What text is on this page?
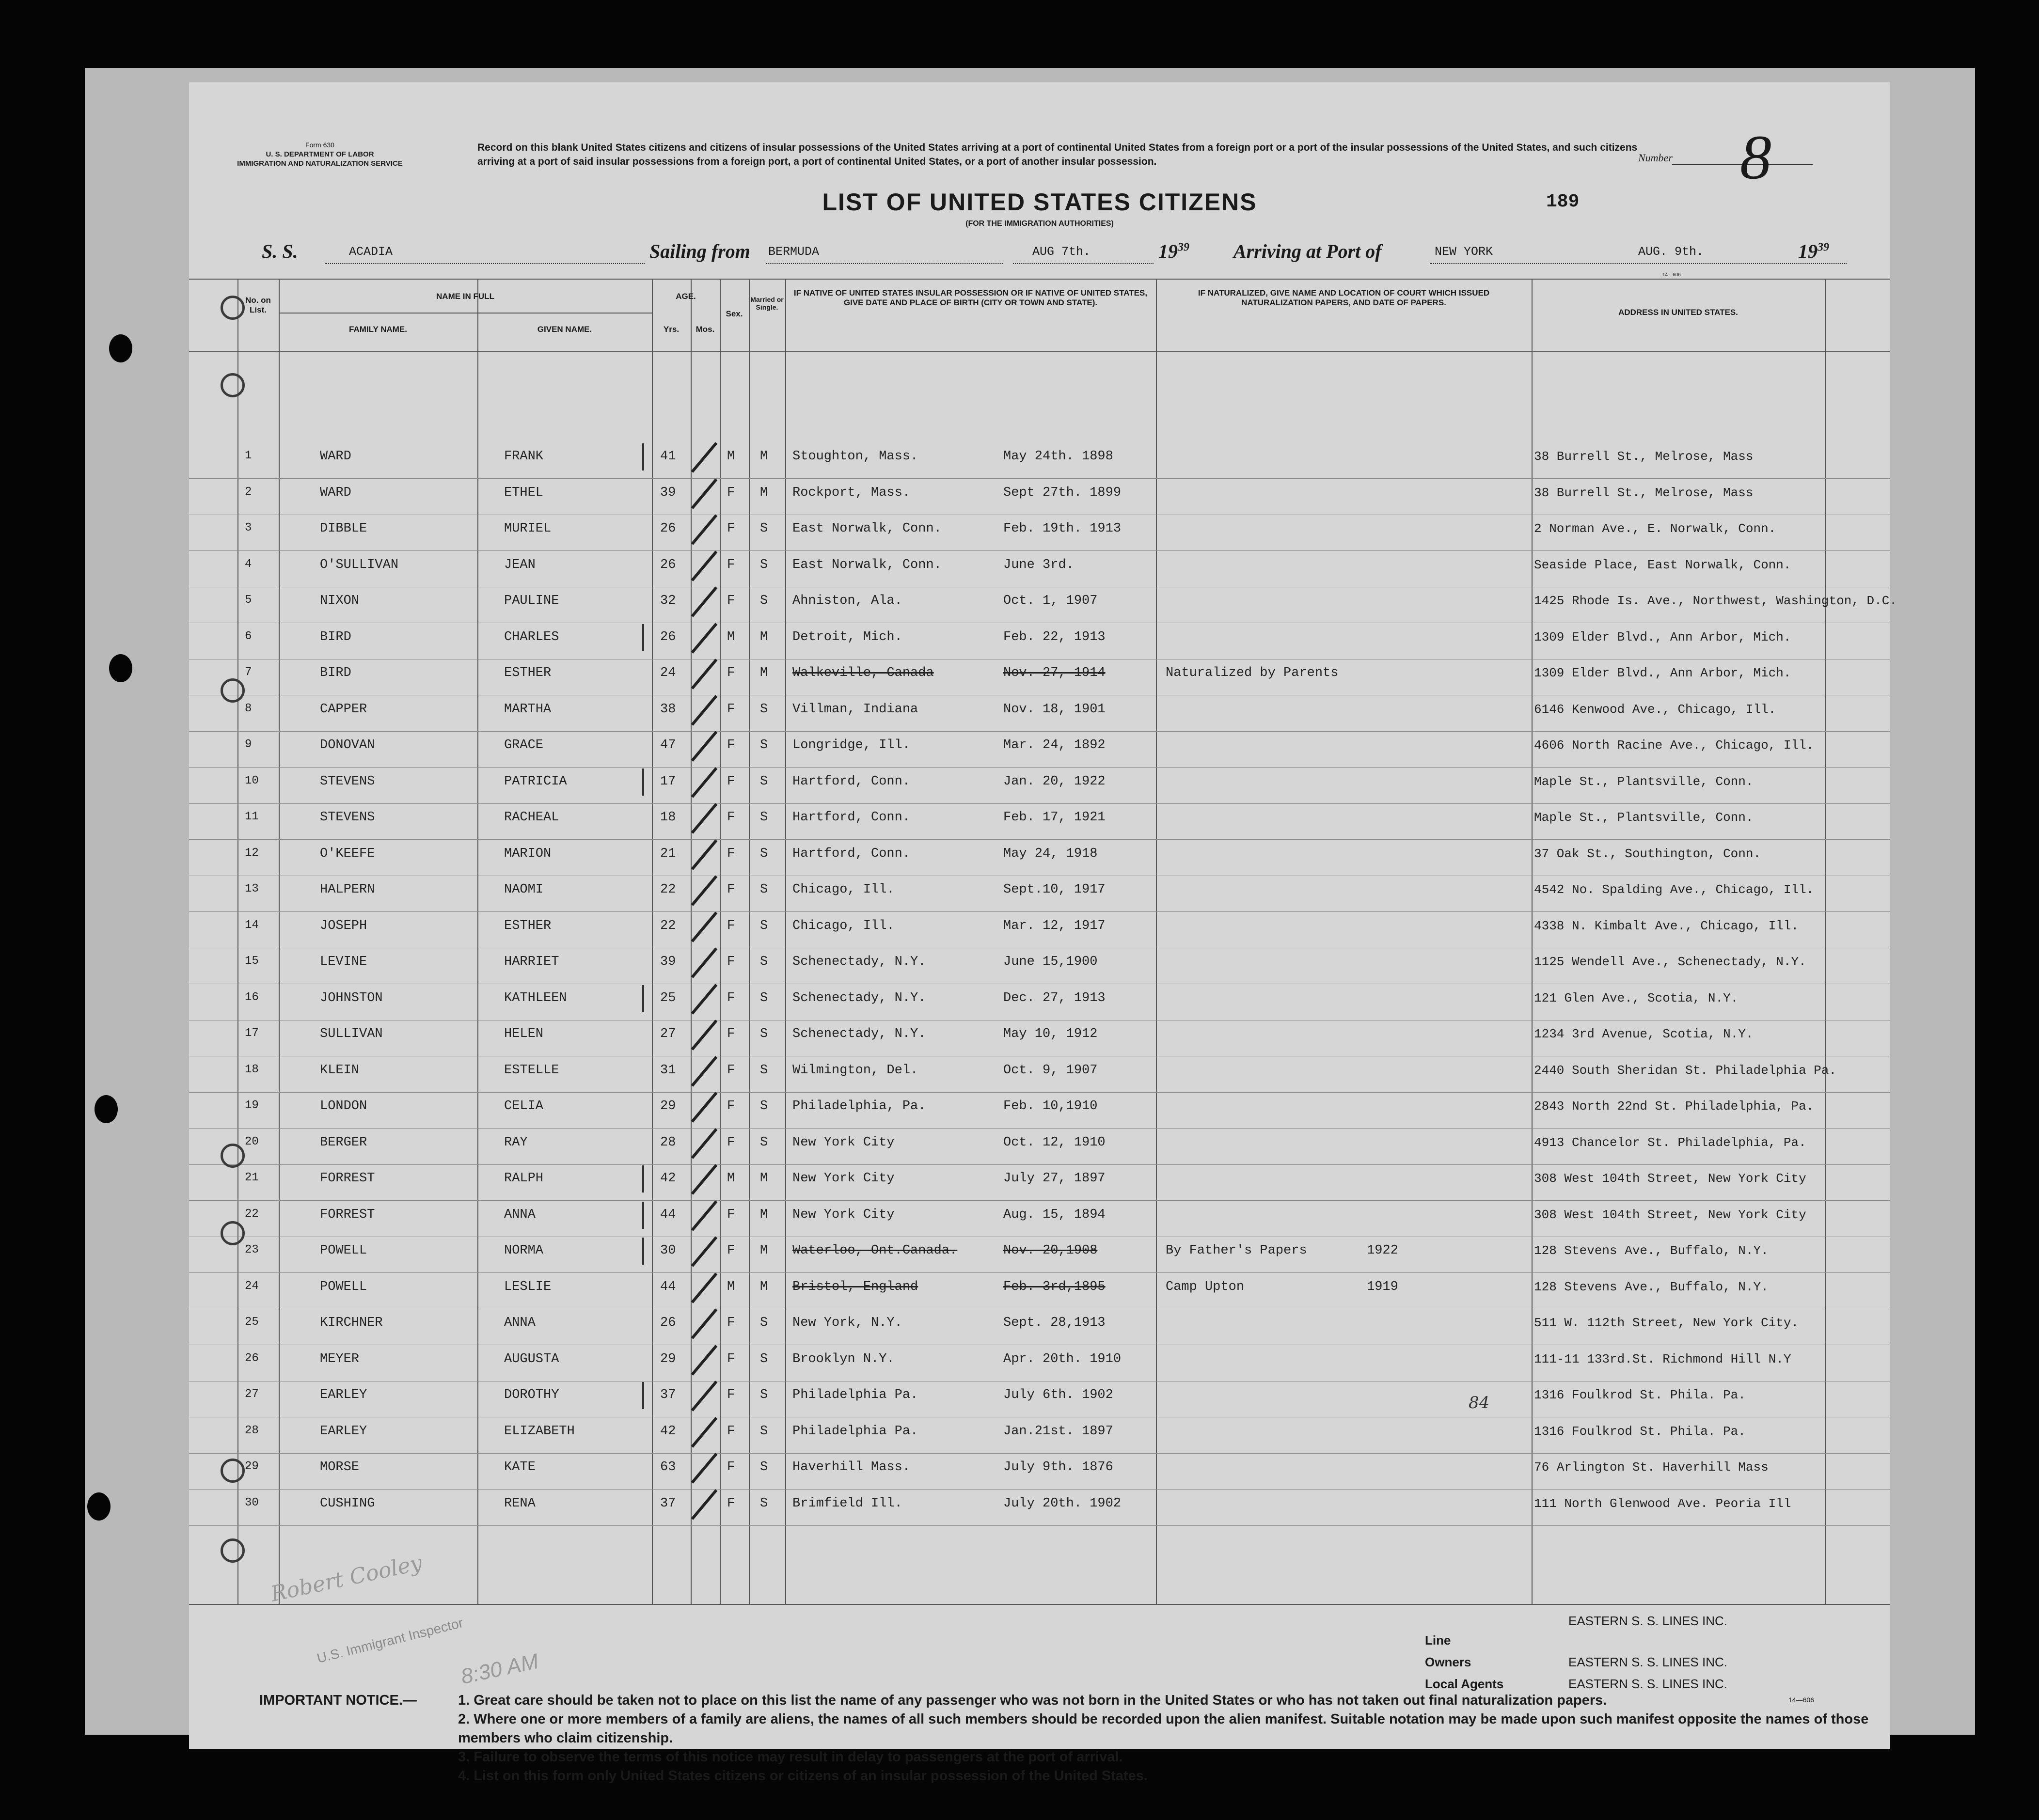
Form 630
U. S. DEPARTMENT OF LABOR
IMMIGRATION AND NATURALIZATION SERVICE
Record on this blank United States citizens and citizens of insular possessions of the United States arriving at a port of continental United States from a foreign port or a port of the insular possessions of the United States, and such citizens arriving at a port of said insular possessions from a foreign port, a port of continental United States, or a port of another insular possession.	Number 8
LIST OF UNITED STATES CITIZENS
(FOR THE IMMIGRATION AUTHORITIES)
189
14—606
S. S.	ACADIA	Sailing from BERMUDA	AUG 7th.	$19^{39}$ Arriving at Port of	NEW YORK	AUG. 9th.	$19^{39}$
No. on List.
NAME IN FULL
FAMILY NAME.	GIVEN NAME.
AGE.
Yrs.	Mos.
Sex.
Married or Single.
IF NATIVE OF UNITED STATES INSULAR POSSESSION OR IF NATIVE OF UNITED STATES, GIVE DATE AND PLACE OF BIRTH (CITY OR TOWN AND STATE).
IF NATURALIZED, GIVE NAME AND LOCATION OF COURT WHICH ISSUED NATURALIZATION PAPERS, AND DATE OF PAPERS.
ADDRESS IN UNITED STATES.
1	WARD	FRANK	41	M M Stoughton, Mass.	May 24th. 1898	38 Burrell St., Melrose, Mass
2	WARD	ETHEL	39	F M Rockport, Mass.	Sept 27th. 1899	38 Burrell St., Melrose, Mass
3	DIBBLE	MURIEL	26	F S East Norwalk, Conn.	Feb. 19th. 1913	2 Norman Ave., E. Norwalk, Conn.
4	O'SULLIVAN	JEAN	26	F S East Norwalk, Conn.	June 3rd.	Seaside Place, East Norwalk, Conn.
5	NIXON	PAULINE	32	F S Ahniston, Ala.	Oct. 1, 1907	1425 Rhode Is. Ave., Northwest, Washington, D.C.
6	BIRD	CHARLES	26	M M Detroit, Mich.	Feb. 22, 1913	1309 Elder Blvd., Ann Arbor, Mich.
7	BIRD	ESTHER	24	F M Walkeville, Canada	Nov. 27, 1914	Naturalized by Parents	1309 Elder Blvd., Ann Arbor, Mich.
8	CAPPER	MARTHA	38	F S Villman, Indiana	Nov. 18, 1901	6146 Kenwood Ave., Chicago, Ill.
9	DONOVAN	GRACE	47	F S Longridge, Ill.	Mar. 24, 1892	4606 North Racine Ave., Chicago, Ill.
10	STEVENS	PATRICIA	17	F S Hartford, Conn.	Jan. 20, 1922	Maple St., Plantsville, Conn.
11	STEVENS	RACHEAL	18	F S Hartford, Conn.	Feb. 17, 1921	Maple St., Plantsville, Conn.
12	O'KEEFE	MARION	21	F S Hartford, Conn.	May 24, 1918	37 Oak St., Southington, Conn.
13	HALPERN	NAOMI	22	F S Chicago, Ill.	Sept.10, 1917	4542 No. Spalding Ave., Chicago, Ill.
14	JOSEPH	ESTHER	22	F S Chicago, Ill.	Mar. 12, 1917	4338 N. Kimbalt Ave., Chicago, Ill.
15	LEVINE	HARRIET	39	F S Schenectady, N.Y.	June 15,1900	1125 Wendell Ave., Schenectady, N.Y.
16	JOHNSTON	KATHLEEN	25	F S Schenectady, N.Y.	Dec. 27, 1913	121 Glen Ave., Scotia, N.Y.
17	SULLIVAN	HELEN	27	F S Schenectady, N.Y.	May 10, 1912	1234 3rd Avenue, Scotia, N.Y.
18	KLEIN	ESTELLE	31	F S Wilmington, Del.	Oct. 9, 1907	2440 South Sheridan St. Philadelphia Pa.
19	LONDON	CELIA	29	F S Philadelphia, Pa.	Feb. 10,1910	2843 North 22nd St. Philadelphia, Pa.
20	BERGER	RAY	28	F S New York City	Oct. 12, 1910	4913 Chancelor St. Philadelphia, Pa.
21	FORREST	RALPH	42	M M New York City	July 27, 1897	308 West 104th Street, New York City
22	FORREST	ANNA	44	F M New York City	Aug. 15, 1894	308 West 104th Street, New York City
23	POWELL	NORMA	30	F M Waterloo, Ont.Canada.	Nov. 20,1908	By Father's Papers	1922	128 Stevens Ave., Buffalo, N.Y.
24	POWELL	LESLIE	44	M M Bristol, England	Feb. 3rd,1895	Camp Upton	1919	128 Stevens Ave., Buffalo, N.Y.
25	KIRCHNER	ANNA	26	F S New York, N.Y.	Sept. 28,1913	511 W. 112th Street, New York City.
26	MEYER	AUGUSTA	29	F S Brooklyn N.Y.	Apr. 20th. 1910	111-11 133rd.St. Richmond Hill N.Y
27	EARLEY	DOROTHY	37	F S Philadelphia Pa.	July 6th. 1902	1316 Foulkrod St. Phila. Pa.
28	EARLEY	ELIZABETH	42	F S Philadelphia Pa.	Jan.21st. 1897	1316 Foulkrod St. Phila. Pa.
29	MORSE	KATE	63	F S Haverhill Mass.	July 9th. 1876	76 Arlington St. Haverhill Mass
30	CUSHING	RENA	37	F S Brimfield Ill.	July 20th. 1902	111 North Glenwood Ave. Peoria Ill
84
Robert Cooley
U.S. Immigrant Inspector
8:30 AM
EASTERN S. S. LINES INC.
Line
Owners	EASTERN S. S. LINES INC.
Local Agents	EASTERN S. S. LINES INC.
IMPORTANT NOTICE.—	1. Great care should be taken not to place on this list the name of any passenger who was not born in the United States or who has not taken out final naturalization papers.
2. Where one or more members of a family are aliens, the names of all such members should be recorded upon the alien manifest. Suitable notation may be made upon such manifest opposite the names of those members who claim citizenship.
3. Failure to observe the terms of this notice may result in delay to passengers at the port of arrival.
4. List on this form only United States citizens or citizens of an insular possession of the United States.
14—606
